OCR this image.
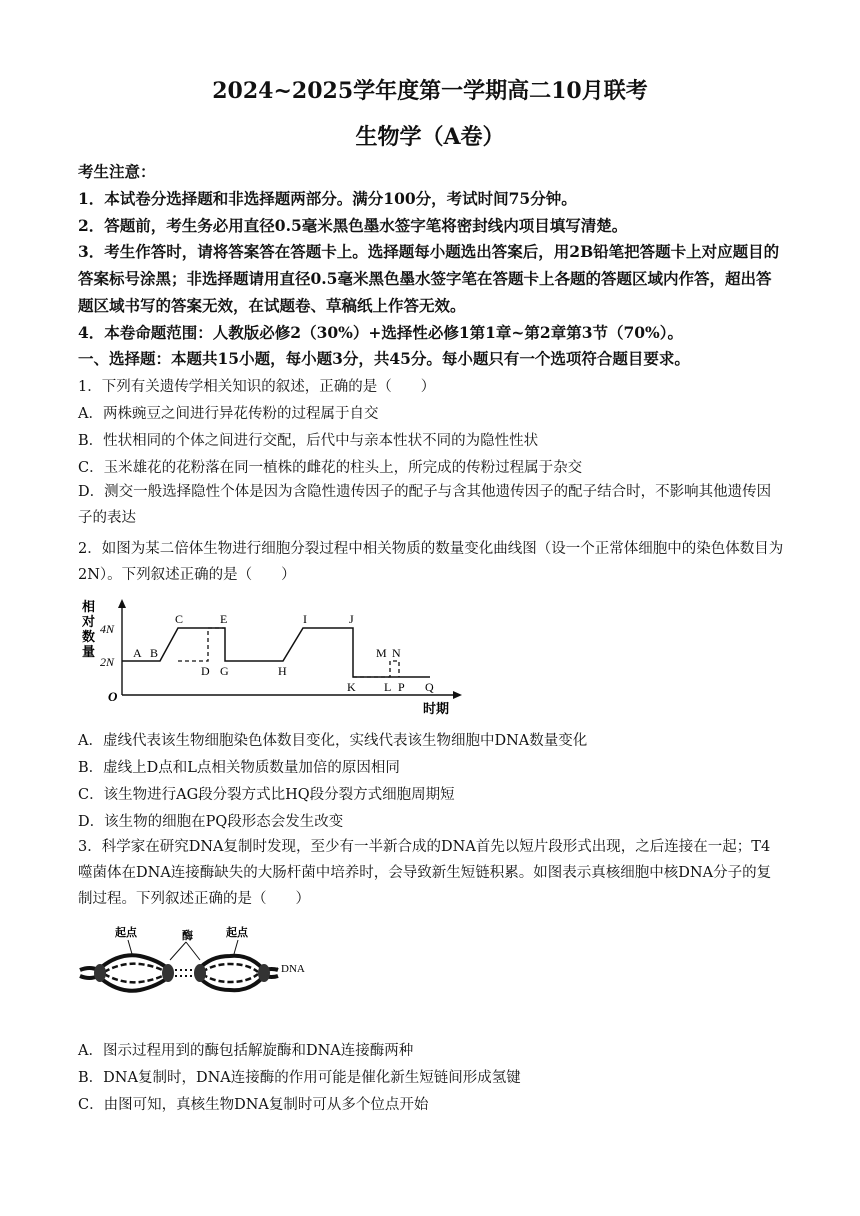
2024~2025学年度第一学期高二10月联考
生物学（A卷）
考生注意：
1．本试卷分选择题和非选择题两部分。满分100分，考试时间75分钟。
2．答题前，考生务必用直径0.5毫米黑色墨水签字笔将密封线内项目填写清楚。
3．考生作答时，请将答案答在答题卡上。选择题每小题选出答案后，用2B铅笔把答题卡上对应题目的答案标号涂黑；非选择题请用直径0.5毫米黑色墨水签字笔在答题卡上各题的答题区域内作答，超出答题区域书写的答案无效，在试题卷、草稿纸上作答无效。
4．本卷命题范围：人教版必修2（30%）+选择性必修1第1章~第2章第3节（70%）。
一、选择题：本题共15小题，每小题3分，共45分。每小题只有一个选项符合题目要求。
1．下列有关遗传学相关知识的叙述，正确的是（　　）
A．两株豌豆之间进行异花传粉的过程属于自交
B．性状相同的个体之间进行交配，后代中与亲本性状不同的为隐性性状
C．玉米雄花的花粉落在同一植株的雌花的柱头上，所完成的传粉过程属于杂交
D．测交一般选择隐性个体是因为含隐性遗传因子的配子与含其他遗传因子的配子结合时，不影响其他遗传因子的表达
2．如图为某二倍体生物进行细胞分裂过程中相关物质的数量变化曲线图（设一个正常体细胞中的染色体数目为2N）。下列叙述正确的是（　　）
相对数量
4N
2N
O
时期
A B
C
D
E
G	H
I	J
K
M N
L P Q
A．虚线代表该生物细胞染色体数目变化，实线代表该生物细胞中DNA数量变化
B．虚线上D点和L点相关物质数量加倍的原因相同
C．该生物进行AG段分裂方式比HQ段分裂方式细胞周期短
D．该生物的细胞在PQ段形态会发生改变
3．科学家在研究DNA复制时发现，至少有一半新合成的DNA首先以短片段形式出现，之后连接在一起；T4噬菌体在DNA连接酶缺失的大肠杆菌中培养时，会导致新生短链积累。如图表示真核细胞中核DNA分子的复制过程。下列叙述正确的是（　　）
起点	酶	起点
DNA
A．图示过程用到的酶包括解旋酶和DNA连接酶两种
B．DNA复制时，DNA连接酶的作用可能是催化新生短链间形成氢键
C．由图可知，真核生物DNA复制时可从多个位点开始
